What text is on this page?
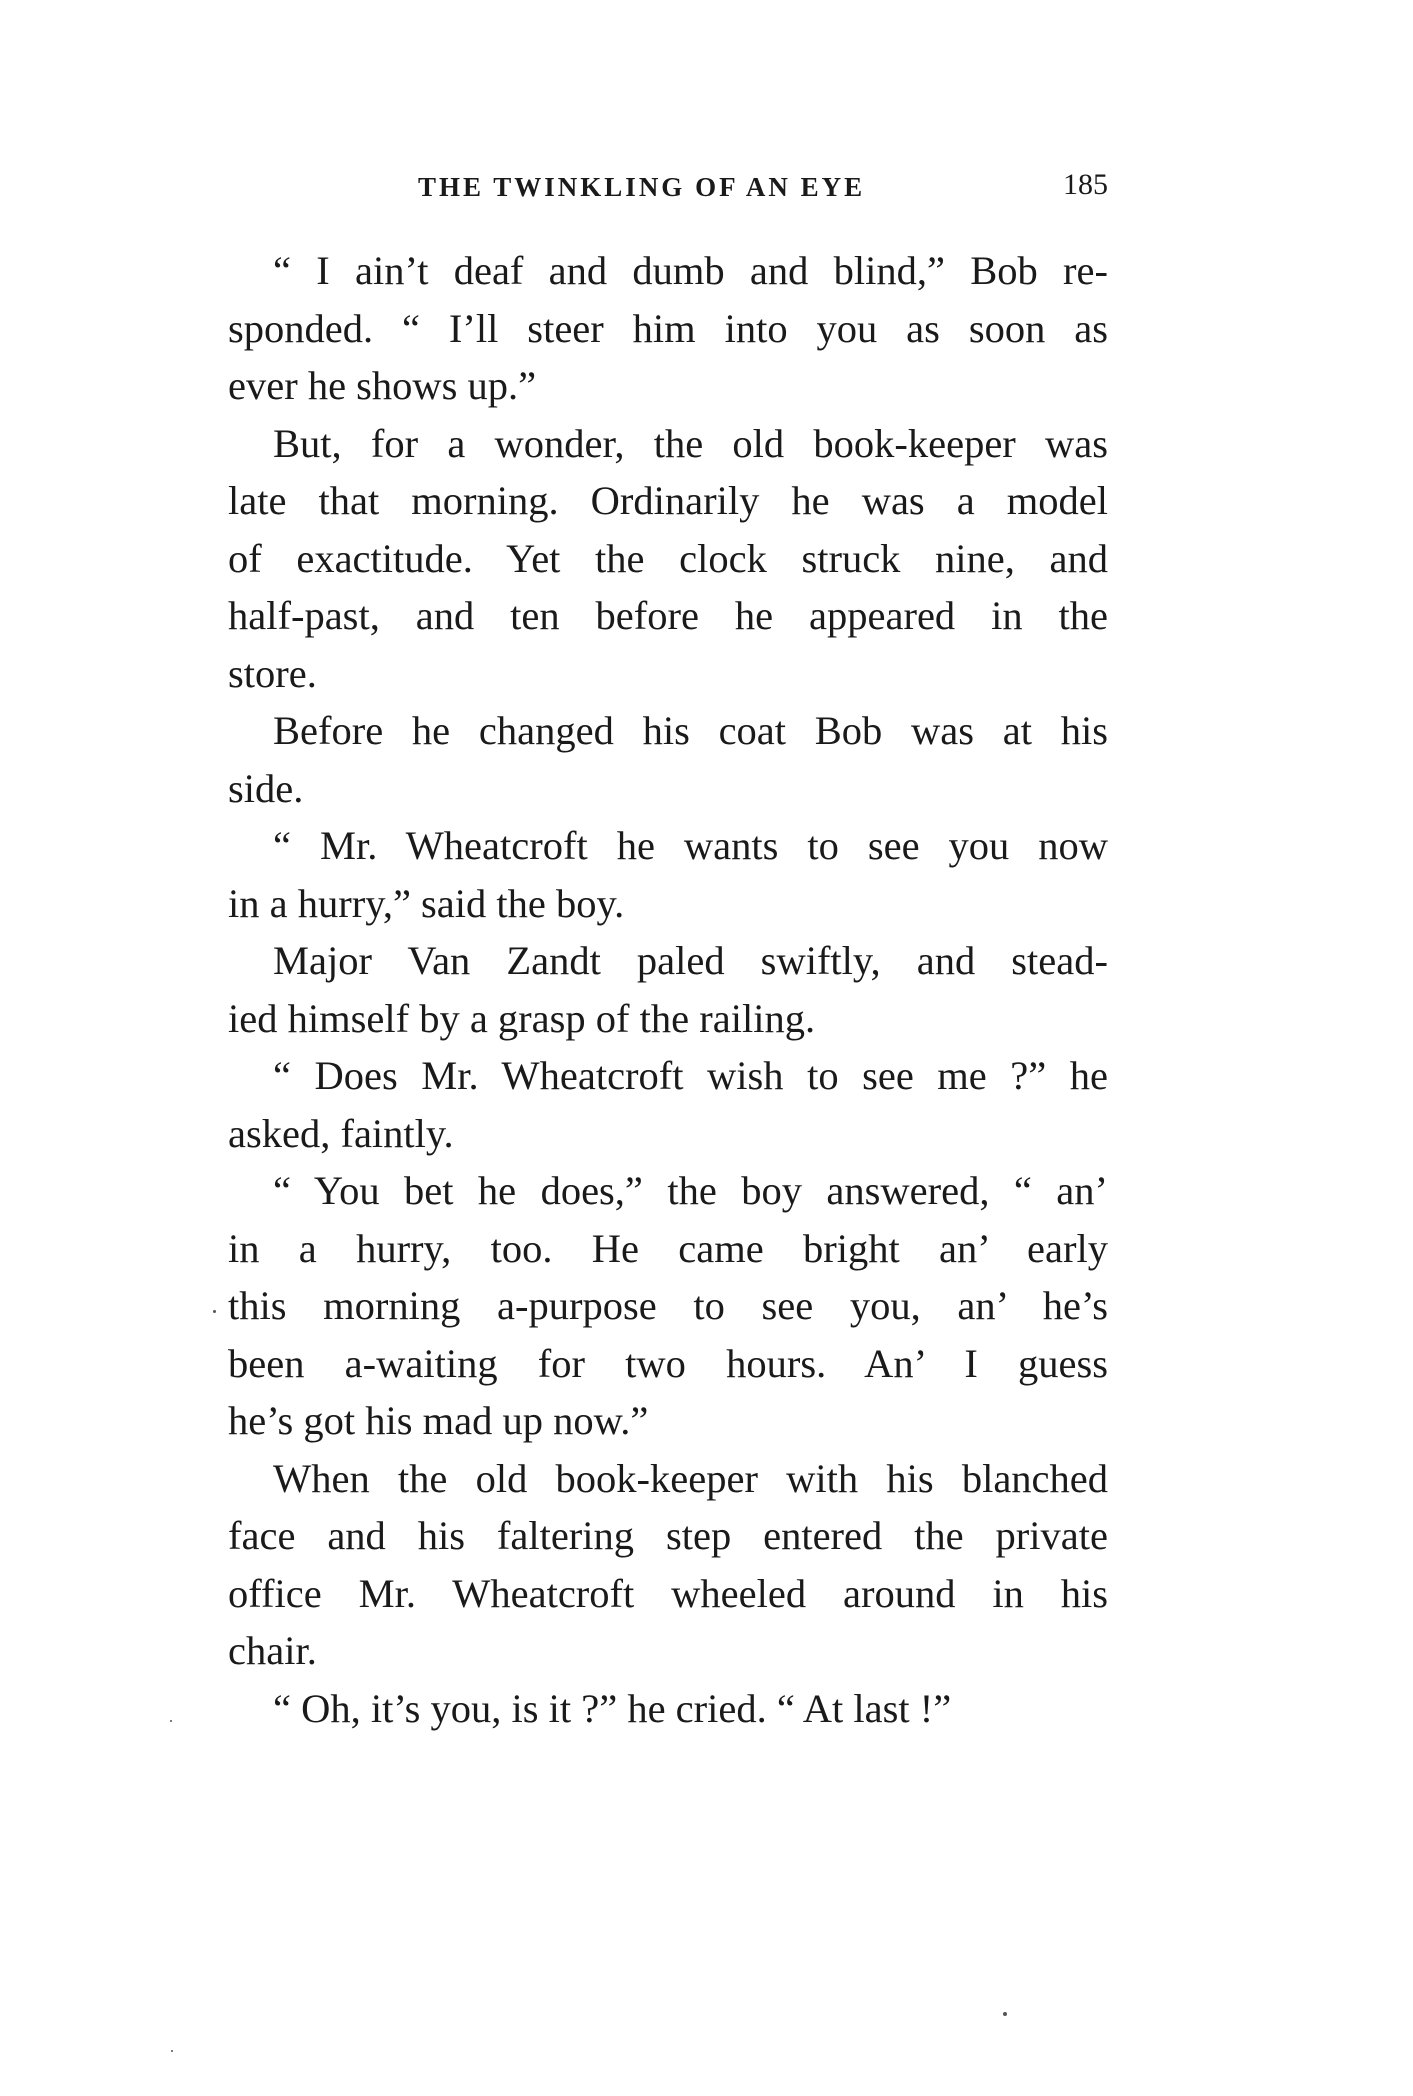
THE TWINKLING OF AN EYE	185
“ I ain’t deaf and dumb and blind,” Bob re-
sponded. “ I’ll steer him into you as soon as
ever he shows up.”
But, for a wonder, the old book-keeper was
late that morning. Ordinarily he was a model
of exactitude. Yet the clock struck nine, and
half-past, and ten before he appeared in the
store.
Before he changed his coat Bob was at his
side.
“ Mr. Wheatcroft he wants to see you now
in a hurry,” said the boy.
Major Van Zandt paled swiftly, and stead-
ied himself by a grasp of the railing.
“ Does Mr. Wheatcroft wish to see me ?” he
asked, faintly.
“ You bet he does,” the boy answered, “ an’
in a hurry, too. He came bright an’ early
this morning a-purpose to see you, an’ he’s
been a-waiting for two hours. An’ I guess
he’s got his mad up now.”
When the old book-keeper with his blanched
face and his faltering step entered the private
office Mr. Wheatcroft wheeled around in his
chair.
“ Oh, it’s you, is it ?” he cried. “ At last !”
